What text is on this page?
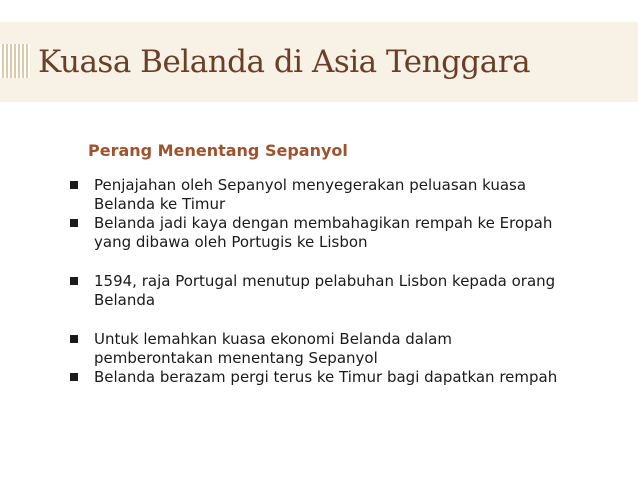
Kuasa Belanda di Asia Tenggara
Perang Menentang Sepanyol
Penjajahan oleh Sepanyol menyegerakan peluasan kuasa Belanda ke Timur
Belanda jadi kaya dengan membahagikan rempah ke Eropah yang dibawa oleh Portugis ke Lisbon
1594, raja Portugal menutup pelabuhan Lisbon kepada orang Belanda
Untuk lemahkan kuasa ekonomi Belanda dalam pemberontakan menentang Sepanyol
Belanda berazam pergi terus ke Timur bagi dapatkan rempah
